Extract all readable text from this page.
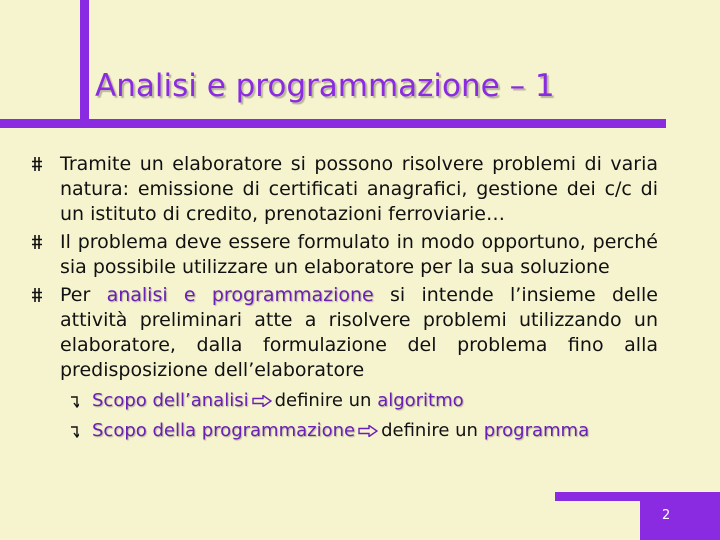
Analisi e programmazione – 1

Tramite un elaboratore si possono risolvere problemi di varia natura: emissione di certificati anagrafici, gestione dei c/c di un istituto di credito, prenotazioni ferroviarie…

Il problema deve essere formulato in modo opportuno, perché sia possibile utilizzare un elaboratore per la sua soluzione

Per analisi e programmazione si intende l’insieme delle attività preliminari atte a risolvere problemi utilizzando un elaboratore, dalla formulazione del problema fino alla predisposizione dell’elaboratore

Scopo dell’analisi definire un algoritmo

Scopo della programmazione definire un programma

2
